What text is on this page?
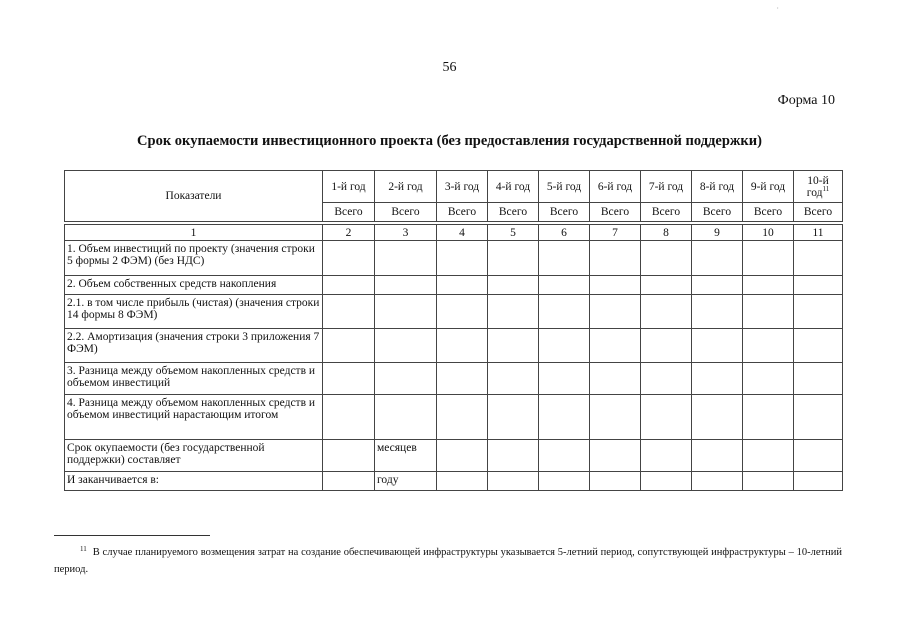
·
56
Форма 10
Срок окупаемости инвестиционного проекта (без предоставления государственной поддержки)
Показатели	1-й год	2-й год	3-й год	4-й год	5-й год	6-й год	7-й год	8-й год	9-й год	10-й
год$^{11}$
	Всего	Всего	Всего	Всего	Всего	Всего	Всего	Всего	Всего	Всего

1	2	3	4	5	6	7	8	9	10	11
1. Объем инвестиций по проекту (значения строки 5 формы 2 ФЭМ) (без НДС)										
2. Объем собственных средств накопления										
2.1. в том числе прибыль (чистая) (значения строки 14 формы 8 ФЭМ)										
2.2. Амортизация (значения строки 3 приложения 7 ФЭМ)										
3. Разница между объемом накопленных средств и объемом инвестиций										
4. Разница между объемом накопленных средств и объемом инвестиций нарастающим итогом										
Срок окупаемости (без государственной поддержки) составляет		месяцев								
И заканчивается в:		году								
$^{11}$ В случае планируемого возмещения затрат на создание обеспечивающей инфраструктуры указывается 5-летний период, сопутствующей инфраструктуры – 10-летний период.
